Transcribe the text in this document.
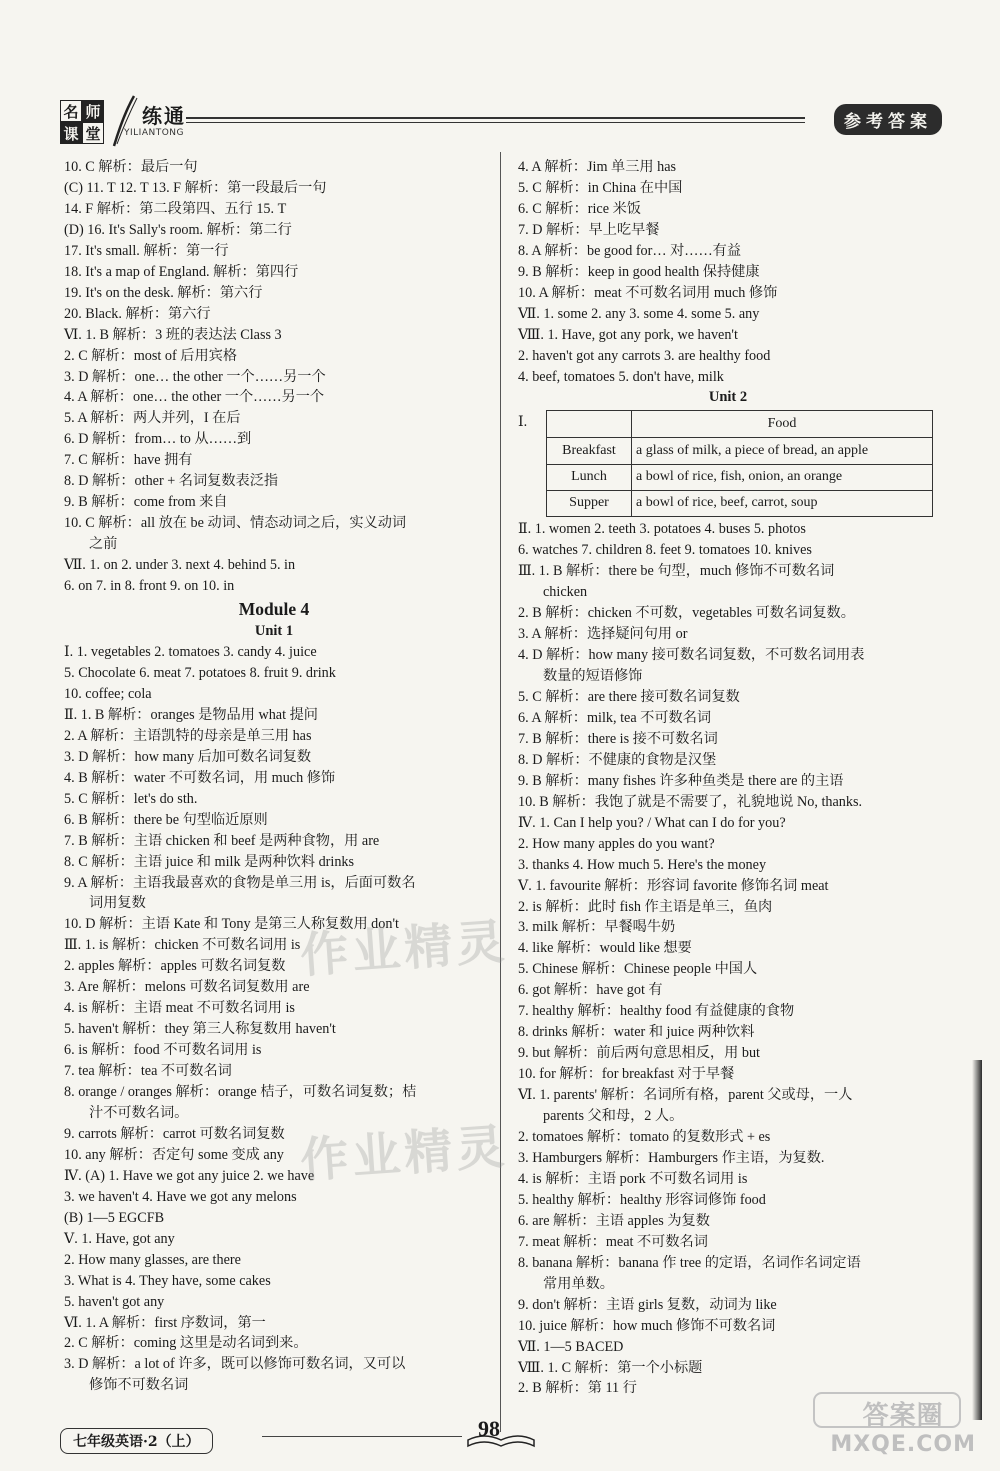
名 师
课 堂
练通
YILIANTONG
参考答案
10. C 解析：最后一句
(C) 11. T 12. T 13. F 解析：第一段最后一句
14. F 解析：第二段第四、五行 15. T
(D) 16. It's Sally's room. 解析：第二行
17. It's small. 解析：第一行
18. It's a map of England. 解析：第四行
19. It's on the desk. 解析：第六行
20. Black. 解析：第六行
Ⅵ. 1. B 解析：3 班的表达法 Class 3
2. C 解析：most of 后用宾格
3. D 解析：one… the other 一个……另一个
4. A 解析：one… the other 一个……另一个
5. A 解析：两人并列，I 在后
6. D 解析：from… to 从……到
7. C 解析：have 拥有
8. D 解析：other + 名词复数表泛指
9. B 解析：come from 来自
10. C 解析：all 放在 be 动词、情态动词之后，实义动词
之前
Ⅶ. 1. on 2. under 3. next 4. behind 5. in
6. on 7. in 8. front 9. on 10. in
Module 4
Unit 1
Ⅰ. 1. vegetables 2. tomatoes 3. candy 4. juice
5. Chocolate 6. meat 7. potatoes 8. fruit 9. drink
10. coffee; cola
Ⅱ. 1. B 解析：oranges 是物品用 what 提问
2. A 解析：主语凯特的母亲是单三用 has
3. D 解析：how many 后加可数名词复数
4. B 解析：water 不可数名词，用 much 修饰
5. C 解析：let's do sth.
6. B 解析：there be 句型临近原则
7. B 解析：主语 chicken 和 beef 是两种食物，用 are
8. C 解析：主语 juice 和 milk 是两种饮料 drinks
9. A 解析：主语我最喜欢的食物是单三用 is，后面可数名
词用复数
10. D 解析：主语 Kate 和 Tony 是第三人称复数用 don't
Ⅲ. 1. is 解析：chicken 不可数名词用 is
2. apples 解析：apples 可数名词复数
3. Are 解析：melons 可数名词复数用 are
4. is 解析：主语 meat 不可数名词用 is
5. haven't 解析：they 第三人称复数用 haven't
6. is 解析：food 不可数名词用 is
7. tea 解析：tea 不可数名词
8. orange / oranges 解析：orange 桔子，可数名词复数；桔
汁不可数名词。
9. carrots 解析：carrot 可数名词复数
10. any 解析：否定句 some 变成 any
Ⅳ. (A) 1. Have we got any juice 2. we have
3. we haven't 4. Have we got any melons
(B) 1—5 EGCFB
Ⅴ. 1. Have, got any
2. How many glasses, are there
3. What is 4. They have, some cakes
5. haven't got any
Ⅵ. 1. A 解析：first 序数词，第一
2. C 解析：coming 这里是动名词到来。
3. D 解析：a lot of 许多，既可以修饰可数名词，又可以
修饰不可数名词
4. A 解析：Jim 单三用 has
5. C 解析：in China 在中国
6. C 解析：rice 米饭
7. D 解析：早上吃早餐
8. A 解析：be good for… 对……有益
9. B 解析：keep in good health 保持健康
10. A 解析：meat 不可数名词用 much 修饰
Ⅶ. 1. some 2. any 3. some 4. some 5. any
Ⅷ. 1. Have, got any pork, we haven't
2. haven't got any carrots 3. are healthy food
4. beef, tomatoes 5. don't have, milk
Unit 2
Ⅰ.
		Food
Breakfast	a glass of milk, a piece of bread, an apple
Lunch	a bowl of rice, fish, onion, an orange
Supper	a bowl of rice, beef, carrot, soup
Ⅱ. 1. women 2. teeth 3. potatoes 4. buses 5. photos
6. watches 7. children 8. feet 9. tomatoes 10. knives
Ⅲ. 1. B 解析：there be 句型，much 修饰不可数名词
chicken
2. B 解析：chicken 不可数，vegetables 可数名词复数。
3. A 解析：选择疑问句用 or
4. D 解析：how many 接可数名词复数，不可数名词用表
数量的短语修饰
5. C 解析：are there 接可数名词复数
6. A 解析：milk, tea 不可数名词
7. B 解析：there is 接不可数名词
8. D 解析：不健康的食物是汉堡
9. B 解析：many fishes 许多种鱼类是 there are 的主语
10. B 解析：我饱了就是不需要了，礼貌地说 No, thanks.
Ⅳ. 1. Can I help you? / What can I do for you?
2. How many apples do you want?
3. thanks 4. How much 5. Here's the money
Ⅴ. 1. favourite 解析：形容词 favorite 修饰名词 meat
2. is 解析：此时 fish 作主语是单三，鱼肉
3. milk 解析：早餐喝牛奶
4. like 解析：would like 想要
5. Chinese 解析：Chinese people 中国人
6. got 解析：have got 有
7. healthy 解析：healthy food 有益健康的食物
8. drinks 解析：water 和 juice 两种饮料
9. but 解析：前后两句意思相反，用 but
10. for 解析：for breakfast 对于早餐
Ⅵ. 1. parents' 解析：名词所有格，parent 父或母，一人
parents 父和母，2 人。
2. tomatoes 解析：tomato 的复数形式 + es
3. Hamburgers 解析：Hamburgers 作主语，为复数.
4. is 解析：主语 pork 不可数名词用 is
5. healthy 解析：healthy 形容词修饰 food
6. are 解析：主语 apples 为复数
7. meat 解析：meat 不可数名词
8. banana 解析：banana 作 tree 的定语，名词作名词定语
常用单数。
9. don't 解析：主语 girls 复数，动词为 like
10. juice 解析：how much 修饰不可数名词
Ⅶ. 1—5 BACED
Ⅷ. 1. C 解析：第一个小标题
2. B 解析：第 11 行
作业精灵
作业精灵
七年级英语·2（上）
98	答案圈
MXQE.COM
